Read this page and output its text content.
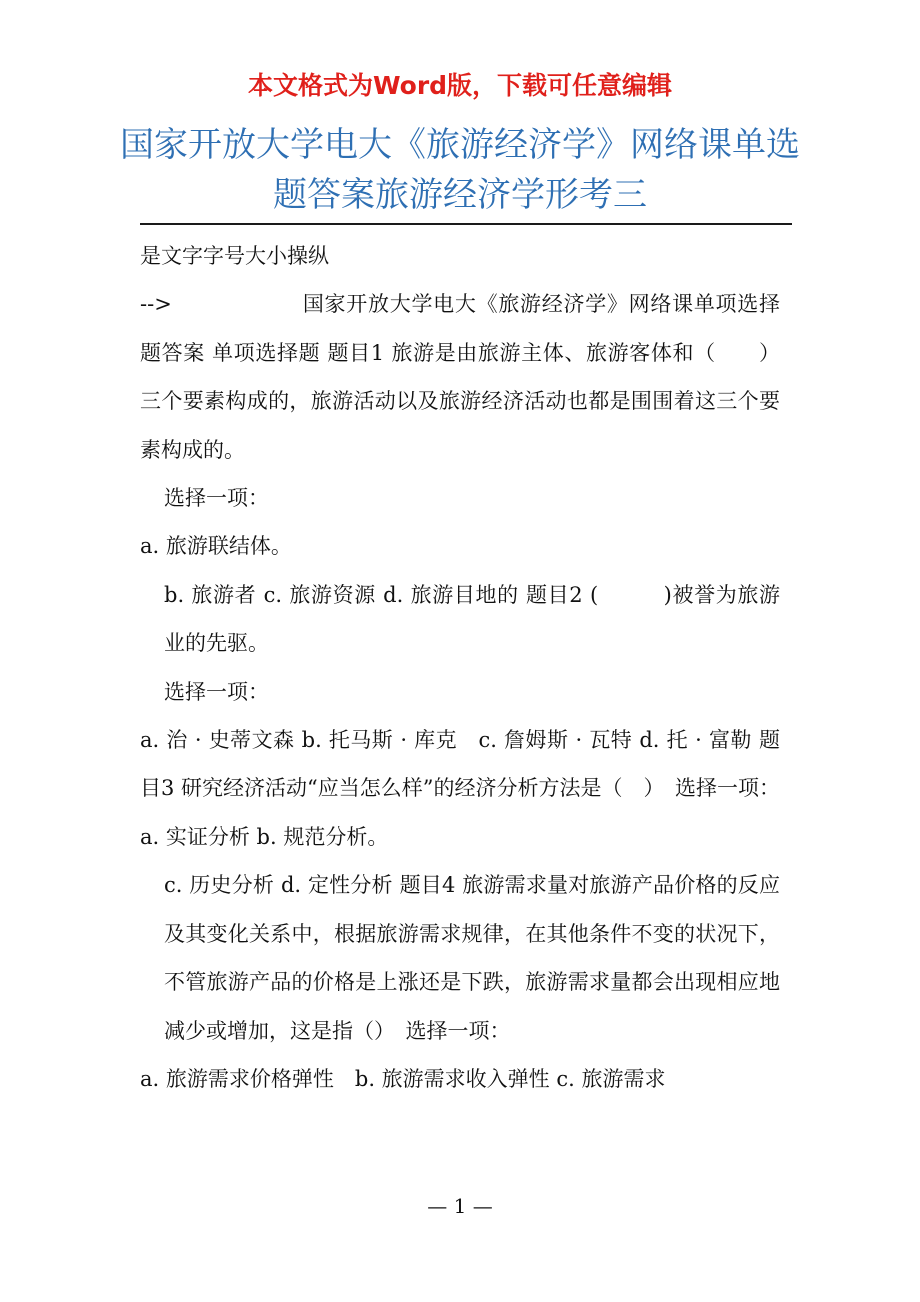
本文格式为Word版，下载可任意编辑
国家开放大学电大《旅游经济学》网络课单选题答案旅游经济学形考三

是文字字号大小操纵

-->　　　　　　国家开放大学电大《旅游经济学》网络课单项选择题答案 单项选择题 题目1 旅游是由旅游主体、旅游客体和（　　）三个要素构成的，旅游活动以及旅游经济活动也都是围围着这三个要素构成的。

选择一项：

a. 旅游联结体。

b. 旅游者 c. 旅游资源 d. 旅游目地的 题目2 (　　　)被誉为旅游业的先驱。

选择一项：

a. 治 · 史蒂文森 b. 托马斯 · 库克　c. 詹姆斯 · 瓦特 d. 托 · 富勒 题目3 研究经济活动“应当怎么样”的经济分析方法是（　）　选择一项：

a. 实证分析 b. 规范分析。

c. 历史分析 d. 定性分析 题目4 旅游需求量对旅游产品价格的反应及其变化关系中，根据旅游需求规律，在其他条件不变的状况下，不管旅游产品的价格是上涨还是下跌，旅游需求量都会出现相应地减少或增加，这是指（）　选择一项：

a. 旅游需求价格弹性　b. 旅游需求收入弹性 c. 旅游需求

— 1 —
